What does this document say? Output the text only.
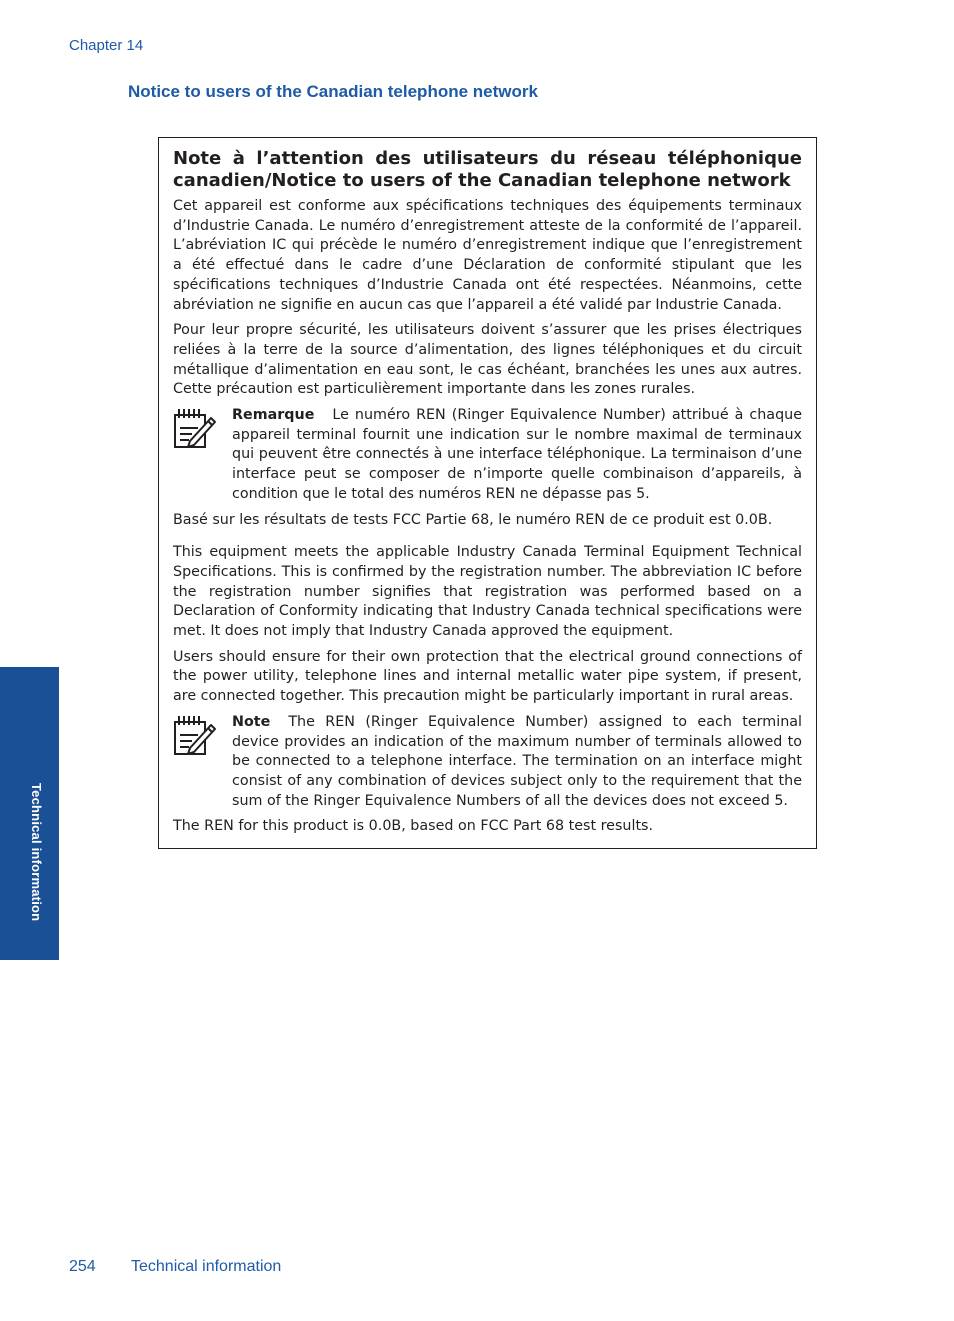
Chapter 14
Notice to users of the Canadian telephone network
Note à l’attention des utilisateurs du réseau téléphonique canadien/Notice to users of the Canadian telephone network

Cet appareil est conforme aux spécifications techniques des équipements terminaux d’Industrie Canada. Le numéro d’enregistrement atteste de la conformité de l’appareil. L’abréviation IC qui précède le numéro d’enregistrement indique que l’enregistrement a été effectué dans le cadre d’une Déclaration de conformité stipulant que les spécifications techniques d’Industrie Canada ont été respectées. Néanmoins, cette abréviation ne signifie en aucun cas que l’appareil a été validé par Industrie Canada.

Pour leur propre sécurité, les utilisateurs doivent s’assurer que les prises électriques reliées à la terre de la source d’alimentation, des lignes téléphoniques et du circuit métallique d’alimentation en eau sont, le cas échéant, branchées les unes aux autres. Cette précaution est particulièrement importante dans les zones rurales.

Remarque Le numéro REN (Ringer Equivalence Number) attribué à chaque appareil terminal fournit une indication sur le nombre maximal de terminaux qui peuvent être connectés à une interface téléphonique. La terminaison d’une interface peut se composer de n’importe quelle combinaison d’appareils, à condition que le total des numéros REN ne dépasse pas 5.

Basé sur les résultats de tests FCC Partie 68, le numéro REN de ce produit est 0.0B.

This equipment meets the applicable Industry Canada Terminal Equipment Technical Specifications. This is confirmed by the registration number. The abbreviation IC before the registration number signifies that registration was performed based on a Declaration of Conformity indicating that Industry Canada technical specifications were met. It does not imply that Industry Canada approved the equipment.

Users should ensure for their own protection that the electrical ground connections of the power utility, telephone lines and internal metallic water pipe system, if present, are connected together. This precaution might be particularly important in rural areas.

Note The REN (Ringer Equivalence Number) assigned to each terminal device provides an indication of the maximum number of terminals allowed to be connected to a telephone interface. The termination on an interface might consist of any combination of devices subject only to the requirement that the sum of the Ringer Equivalence Numbers of all the devices does not exceed 5.

The REN for this product is 0.0B, based on FCC Part 68 test results.

Technical information
254 Technical information
